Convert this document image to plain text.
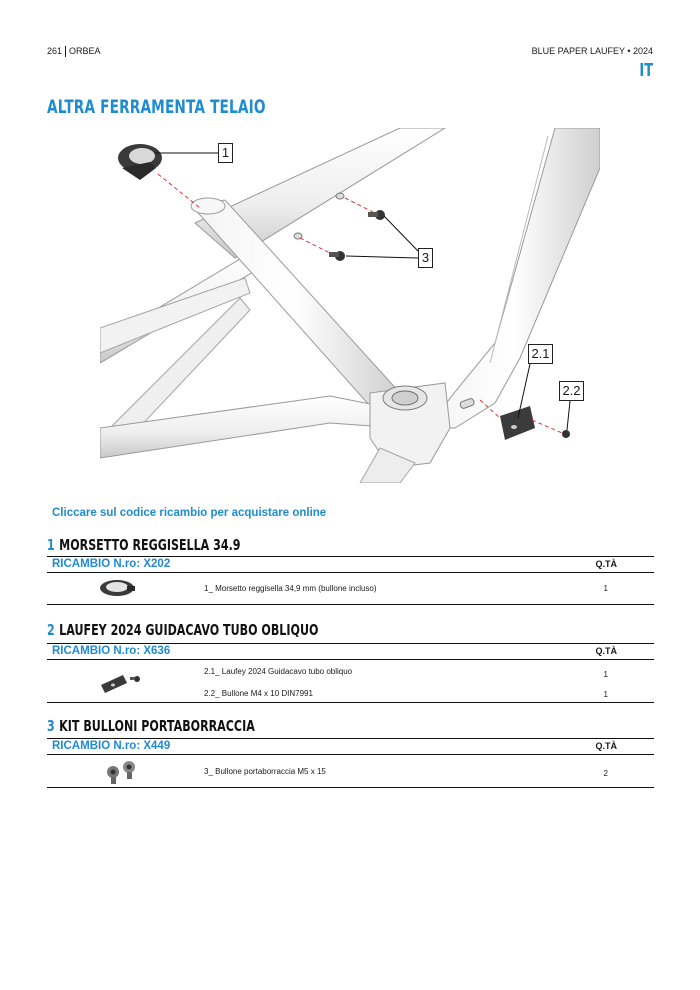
261 ORBEA	BLUE PAPER LAUFEY • 2024
IT
ALTRA FERRAMENTA TELAIO
1
3
2.1
2.2
Cliccare sul codice ricambio per acquistare online
1 MORSETTO REGGISELLA 34.9
RICAMBIO N.ro: X202	Q.TÀ
1_ Morsetto reggisella 34,9 mm (bullone incluso)	1
2 LAUFEY 2024 GUIDACAVO TUBO OBLIQUO
RICAMBIO N.ro: X636	Q.TÀ
2.1_ Laufey 2024 Guidacavo tubo obliquo	1
2.2_ Bullone M4 x 10 DIN7991	1
3 KIT BULLONI PORTABORRACCIA
RICAMBIO N.ro: X449	Q.TÀ
3_ Bullone portaborraccia M5 x 15	2
